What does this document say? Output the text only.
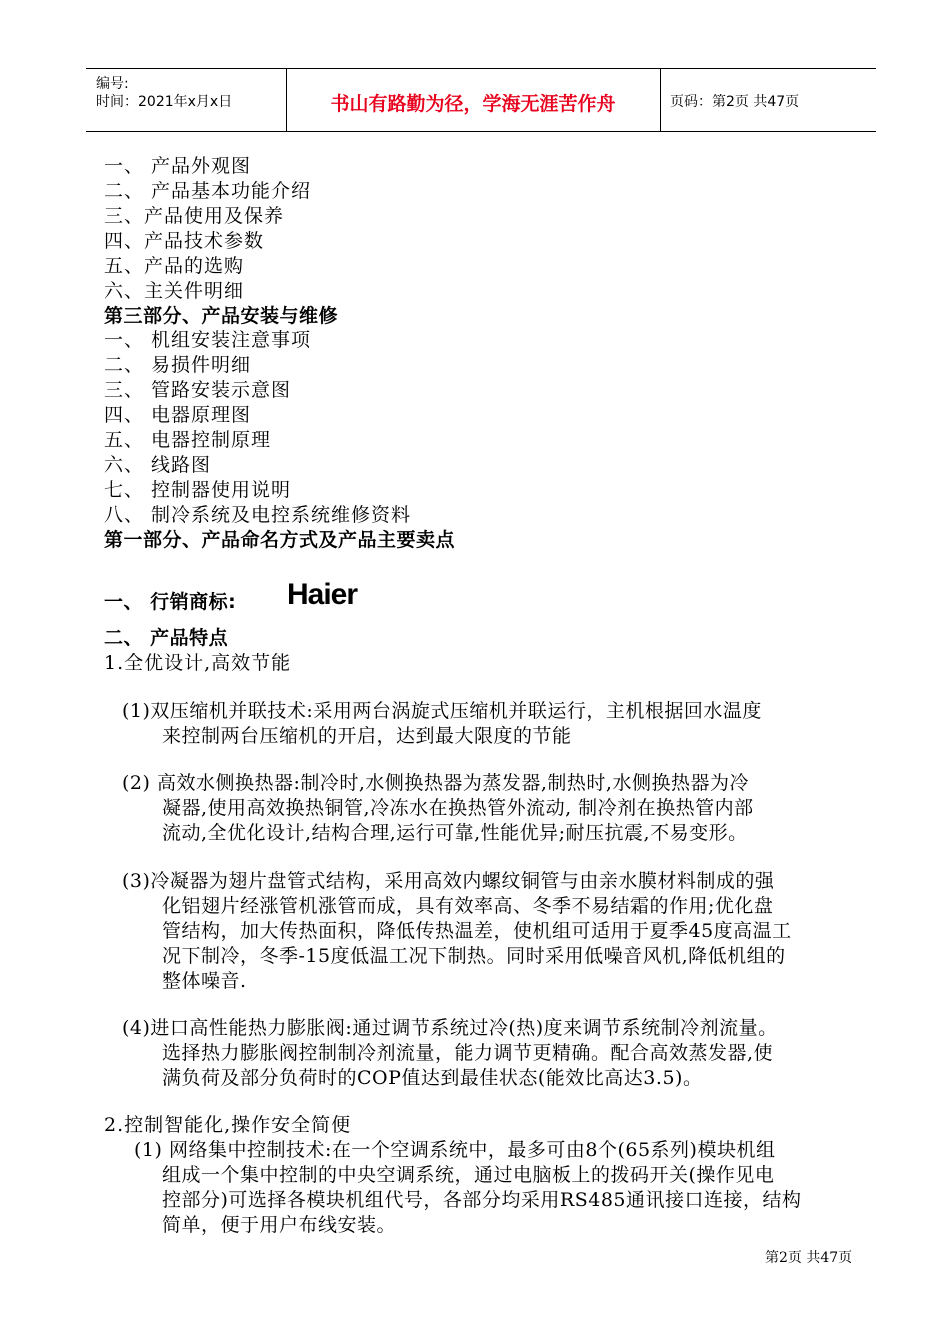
编号:
时间：2021年x月x日	书山有路勤为径，学海无涯苦作舟	页码：第2页 共47页
一、 产品外观图
二、 产品基本功能介绍
三、产品使用及保养
四、产品技术参数
五、产品的选购
六、主关件明细
第三部分、产品安装与维修
一、 机组安装注意事项
二、 易损件明细
三、 管路安装示意图
四、 电器原理图
五、 电器控制原理
六、 线路图
七、 控制器使用说明
八、 制冷系统及电控系统维修资料
第一部分、产品命名方式及产品主要卖点
一、 行销商标: Haier
二、 产品特点
1.全优设计,高效节能
(1)双压缩机并联技术:采用两台涡旋式压缩机并联运行，主机根据回水温度
来控制两台压缩机的开启，达到最大限度的节能
(2) 高效水侧换热器:制冷时,水侧换热器为蒸发器,制热时,水侧换热器为冷
凝器,使用高效换热铜管,冷冻水在换热管外流动, 制冷剂在换热管内部
流动,全优化设计,结构合理,运行可靠,性能优异;耐压抗震,不易变形。
(3)冷凝器为翅片盘管式结构，采用高效内螺纹铜管与由亲水膜材料制成的强
化铝翅片经涨管机涨管而成，具有效率高、冬季不易结霜的作用;优化盘
管结构，加大传热面积，降低传热温差，使机组可适用于夏季45度高温工
况下制冷，冬季-15度低温工况下制热。同时采用低噪音风机,降低机组的
整体噪音.
(4)进口高性能热力膨胀阀:通过调节系统过冷(热)度来调节系统制冷剂流量。
选择热力膨胀阀控制制冷剂流量，能力调节更精确。配合高效蒸发器,使
满负荷及部分负荷时的COP值达到最佳状态(能效比高达3.5)。
2.控制智能化,操作安全简便
(1) 网络集中控制技术:在一个空调系统中，最多可由8个(65系列)模块机组
组成一个集中控制的中央空调系统，通过电脑板上的拨码开关(操作见电
控部分)可选择各模块机组代号，各部分均采用RS485通讯接口连接，结构
简单，便于用户布线安装。
第2页 共47页
